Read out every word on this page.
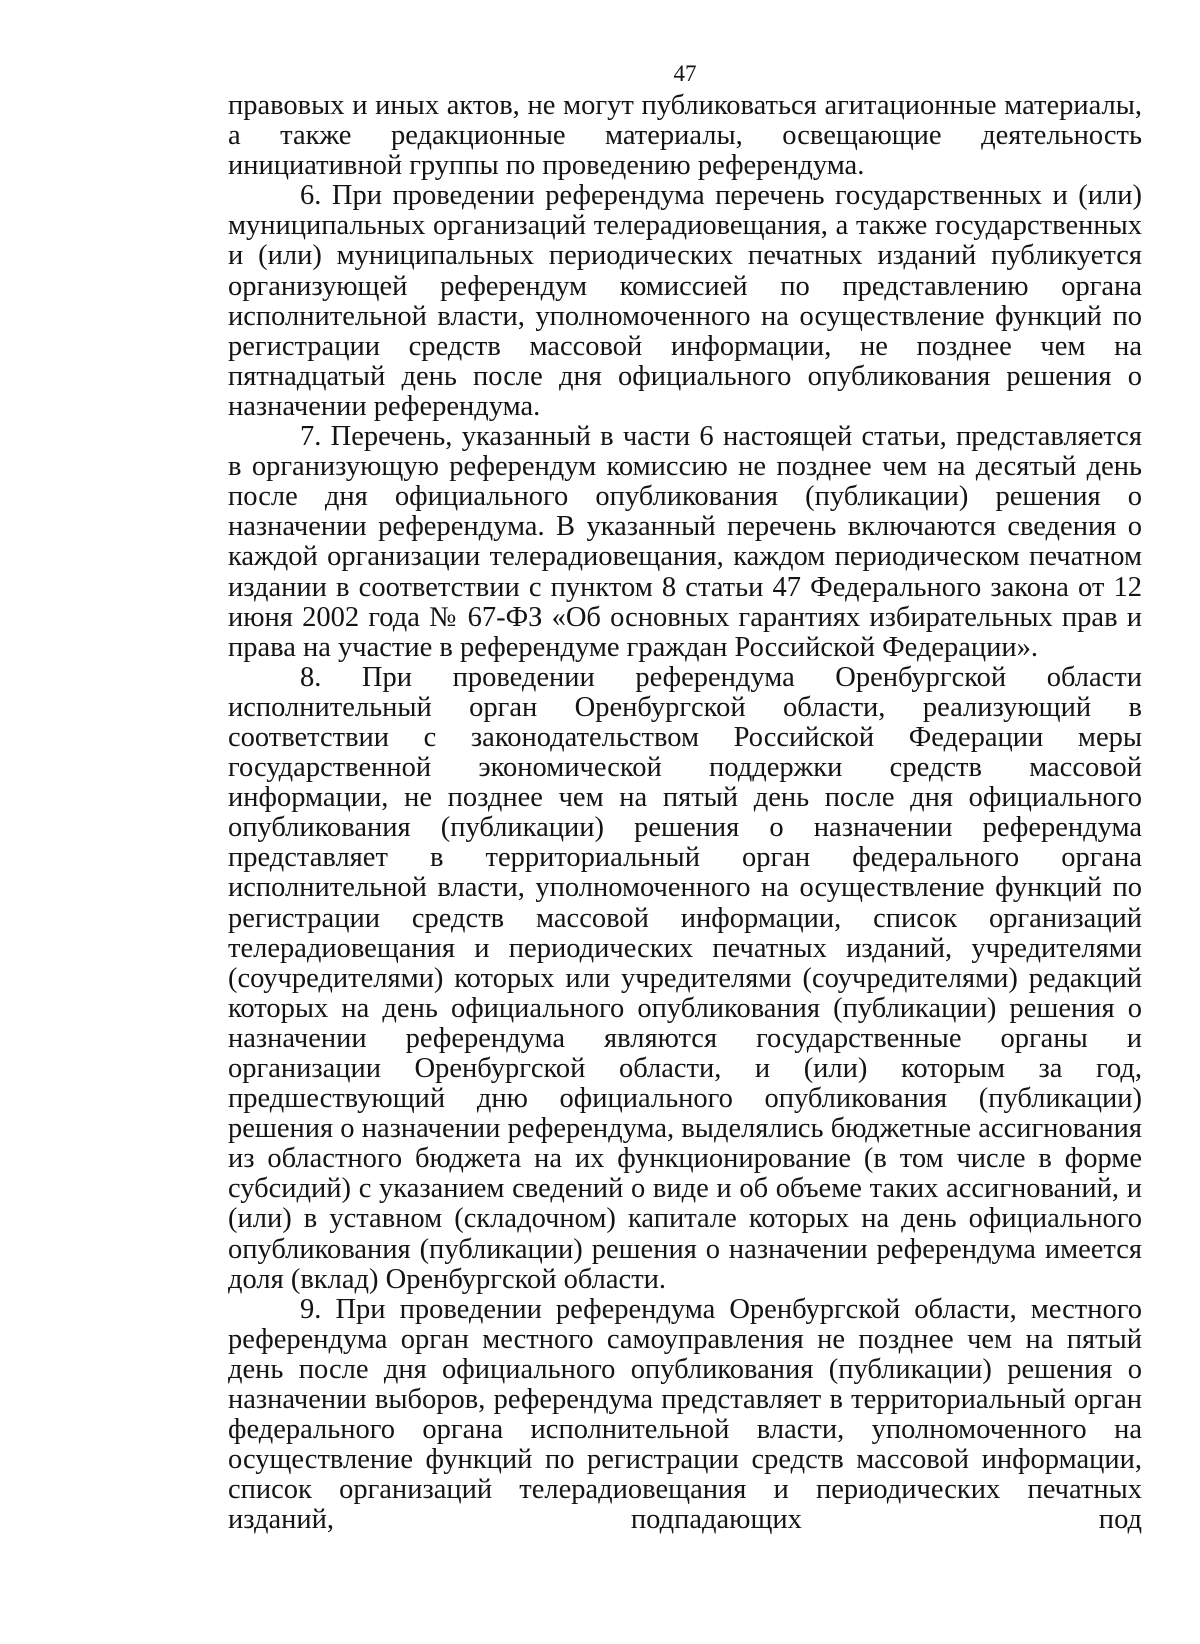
47

правовых и иных актов, не могут публиковаться агитационные материалы, а также редакционные материалы, освещающие деятельность инициативной группы по проведению референдума.

6. При проведении референдума перечень государственных и (или) муниципальных организаций телерадиовещания, а также государственных и (или) муниципальных периодических печатных изданий публикуется организующей референдум комиссией по представлению органа исполнительной власти, уполномоченного на осуществление функций по регистрации средств массовой информации, не позднее чем на пятнадцатый день после дня официального опубликования решения о назначении референдума.

7. Перечень, указанный в части 6 настоящей статьи, представляется в организующую референдум комиссию не позднее чем на десятый день после дня официального опубликования (публикации) решения о назначении референдума. В указанный перечень включаются сведения о каждой организации телерадиовещания, каждом периодическом печатном издании в соответствии с пунктом 8 статьи 47 Федерального закона от 12 июня 2002 года № 67-ФЗ «Об основных гарантиях избирательных прав и права на участие в референдуме граждан Российской Федерации».

8. При проведении референдума Оренбургской области исполнительный орган Оренбургской области, реализующий в соответствии с законодательством Российской Федерации меры государственной экономической поддержки средств массовой информации, не позднее чем на пятый день после дня официального опубликования (публикации) решения о назначении референдума представляет в территориальный орган федерального органа исполнительной власти, уполномоченного на осуществление функций по регистрации средств массовой информации, список организаций телерадиовещания и периодических печатных изданий, учредителями (соучредителями) которых или учредителями (соучредителями) редакций которых на день официального опубликования (публикации) решения о назначении референдума являются государственные органы и организации Оренбургской области, и (или) которым за год, предшествующий дню официального опубликования (публикации) решения о назначении референдума, выделялись бюджетные ассигнования из областного бюджета на их функционирование (в том числе в форме субсидий) с указанием сведений о виде и об объеме таких ассигнований, и (или) в уставном (складочном) капитале которых на день официального опубликования (публикации) решения о назначении референдума имеется доля (вклад) Оренбургской области.

9. При проведении референдума Оренбургской области, местного референдума орган местного самоуправления не позднее чем на пятый день после дня официального опубликования (публикации) решения о назначении выборов, референдума представляет в территориальный орган федерального органа исполнительной власти, уполномоченного на осуществление функций по регистрации средств массовой информации, список организаций телерадиовещания и периодических печатных изданий, подпадающих под
